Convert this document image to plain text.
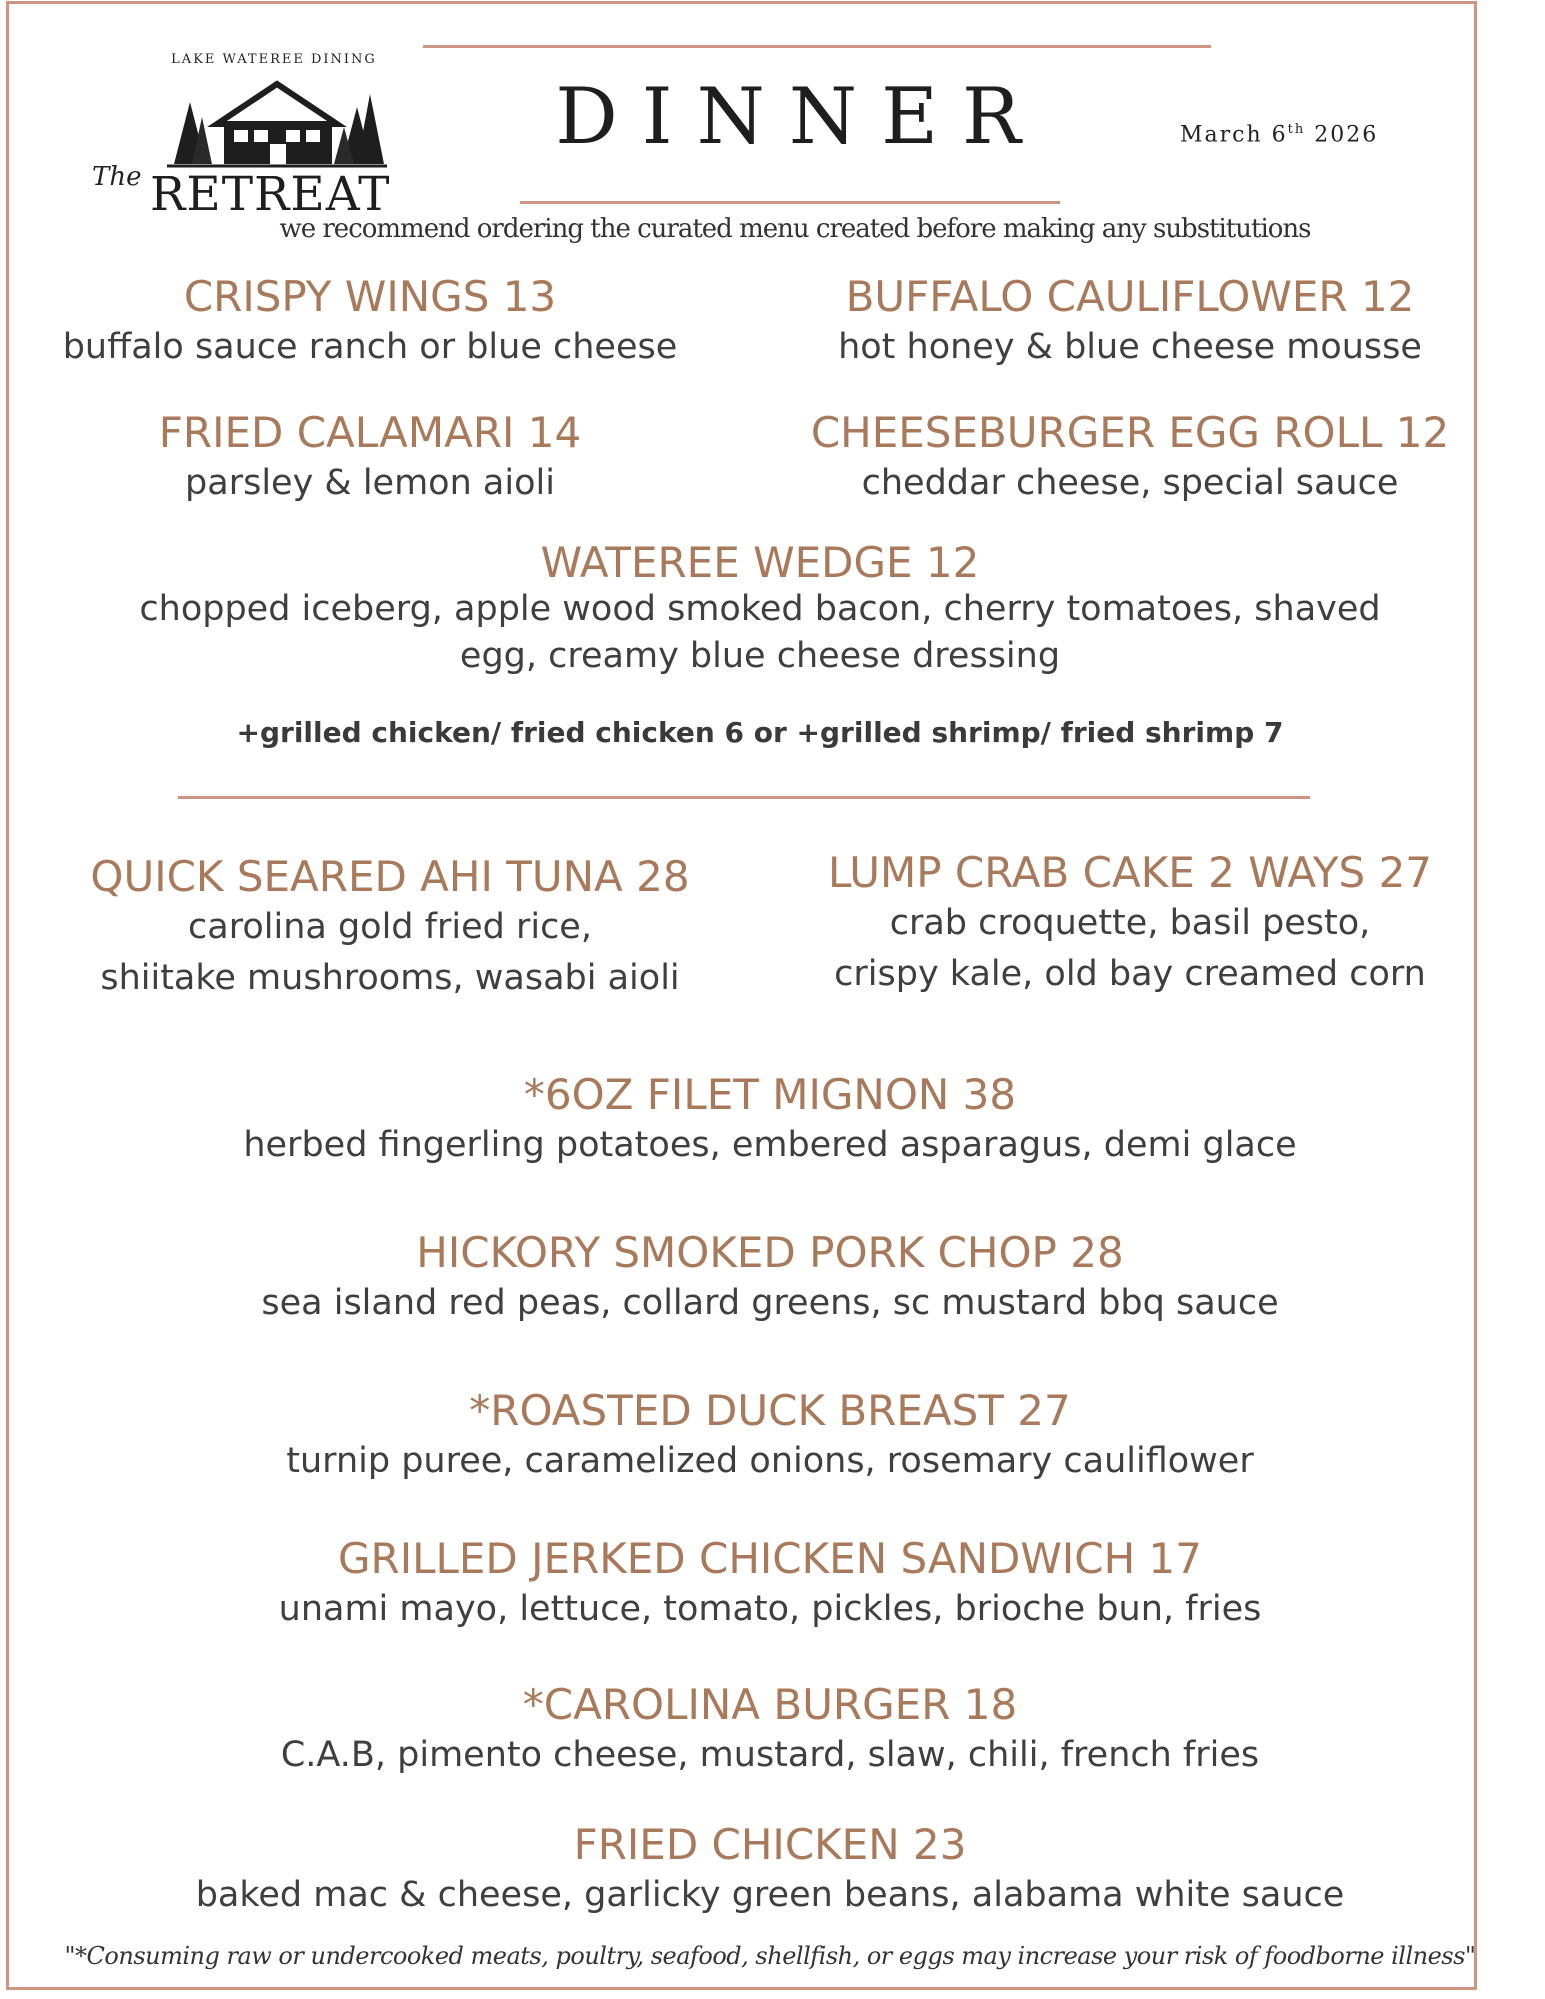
LAKE WATEREE DINING
The RETREAT
DINNER	March 6th 2026
we recommend ordering the curated menu created before making any substitutions
CRISPY WINGS 13
buffalo sauce ranch or blue cheese
BUFFALO CAULIFLOWER 12
hot honey & blue cheese mousse
FRIED CALAMARI 14
parsley & lemon aioli
CHEESEBURGER EGG ROLL 12
cheddar cheese, special sauce
WATEREE WEDGE 12
chopped iceberg, apple wood smoked bacon, cherry tomatoes, shaved
egg, creamy blue cheese dressing
+grilled chicken/ fried chicken 6 or +grilled shrimp/ fried shrimp 7
QUICK SEARED AHI TUNA 28
carolina gold fried rice,
shiitake mushrooms, wasabi aioli
LUMP CRAB CAKE 2 WAYS 27
crab croquette, basil pesto,
crispy kale, old bay creamed corn
*6OZ FILET MIGNON 38
herbed fingerling potatoes, embered asparagus, demi glace
HICKORY SMOKED PORK CHOP 28
sea island red peas, collard greens, sc mustard bbq sauce
*ROASTED DUCK BREAST 27
turnip puree, caramelized onions, rosemary cauliflower
GRILLED JERKED CHICKEN SANDWICH 17
unami mayo, lettuce, tomato, pickles, brioche bun, fries
*CAROLINA BURGER 18
C.A.B, pimento cheese, mustard, slaw, chili, french fries
FRIED CHICKEN 23
baked mac & cheese, garlicky green beans, alabama white sauce
"*Consuming raw or undercooked meats, poultry, seafood, shellfish, or eggs may increase your risk of foodborne illness"
